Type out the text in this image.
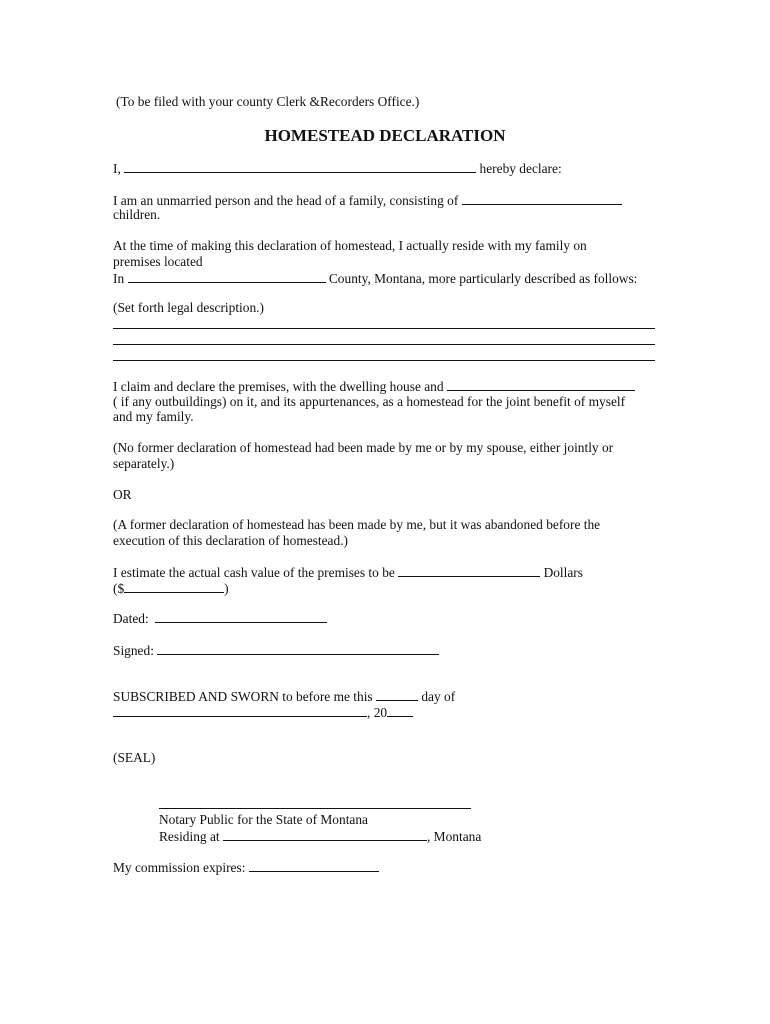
(To be filed with your county Clerk &Recorders Office.)
HOMESTEAD DECLARATION
I,	hereby declare:
I am an unmarried person and the head of a family, consisting of
children.
At the time of making this declaration of homestead, I actually reside with my family on
premises located
In	County, Montana, more particularly described as follows:
(Set forth legal description.)
I claim and declare the premises, with the dwelling house and
( if any outbuildings) on it, and its appurtenances, as a homestead for the joint benefit of myself
and my family.
(No former declaration of homestead had been made by me or by my spouse, either jointly or
separately.)
OR
(A former declaration of homestead has been made by me, but it was abandoned before the
execution of this declaration of homestead.)
I estimate the actual cash value of the premises to be	Dollars
($	)
Dated:
Signed:
SUBSCRIBED AND SWORN to before me this	day of
, 20
(SEAL)
Notary Public for the State of Montana
Residing at	, Montana
My commission expires:
